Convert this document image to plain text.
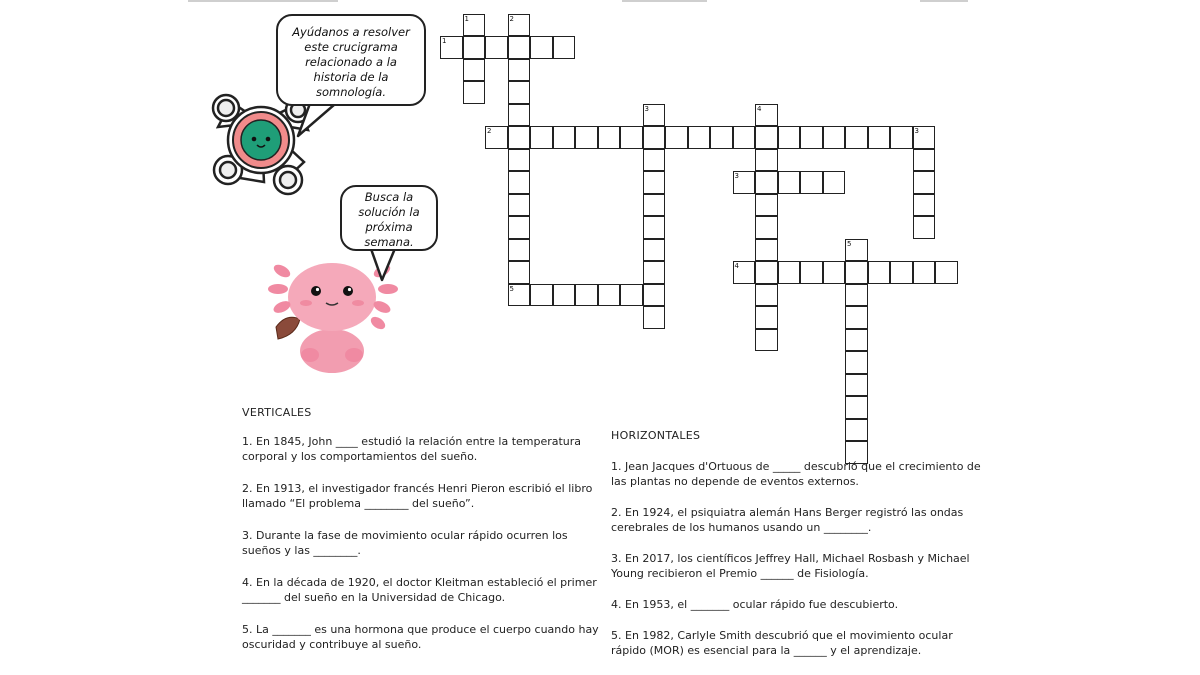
Ayúdanos a resolver
este crucigrama
relacionado a la
historia de la
somnología.
Busca la
solución la
próxima
semana.
1
2
3
4
5
1	2
3	4
3
5
VERTICALES

1. En 1845, John ____ estudió la relación entre la temperatura corporal y los comportamientos del sueño.

2. En 1913, el investigador francés Henri Pieron escribió el libro llamado “El problema ________ del sueño”.

3. Durante la fase de movimiento ocular rápido ocurren los sueños y las ________.

4. En la década de 1920, el doctor Kleitman estableció el primer _______ del sueño en la Universidad de Chicago.

5. La _______ es una hormona que produce el cuerpo cuando hay oscuridad y contribuye al sueño.

HORIZONTALES

1. Jean Jacques d'Ortuous de _____ descubrió que el crecimiento de las plantas no depende de eventos externos.

2. En 1924, el psiquiatra alemán Hans Berger registró las ondas cerebrales de los humanos usando un ________.

3. En 2017, los científicos Jeffrey Hall, Michael Rosbash y Michael Young recibieron el Premio ______ de Fisiología.

4. En 1953, el _______ ocular rápido fue descubierto.

5. En 1982, Carlyle Smith descubrió que el movimiento ocular rápido (MOR) es esencial para la ______ y el aprendizaje.
